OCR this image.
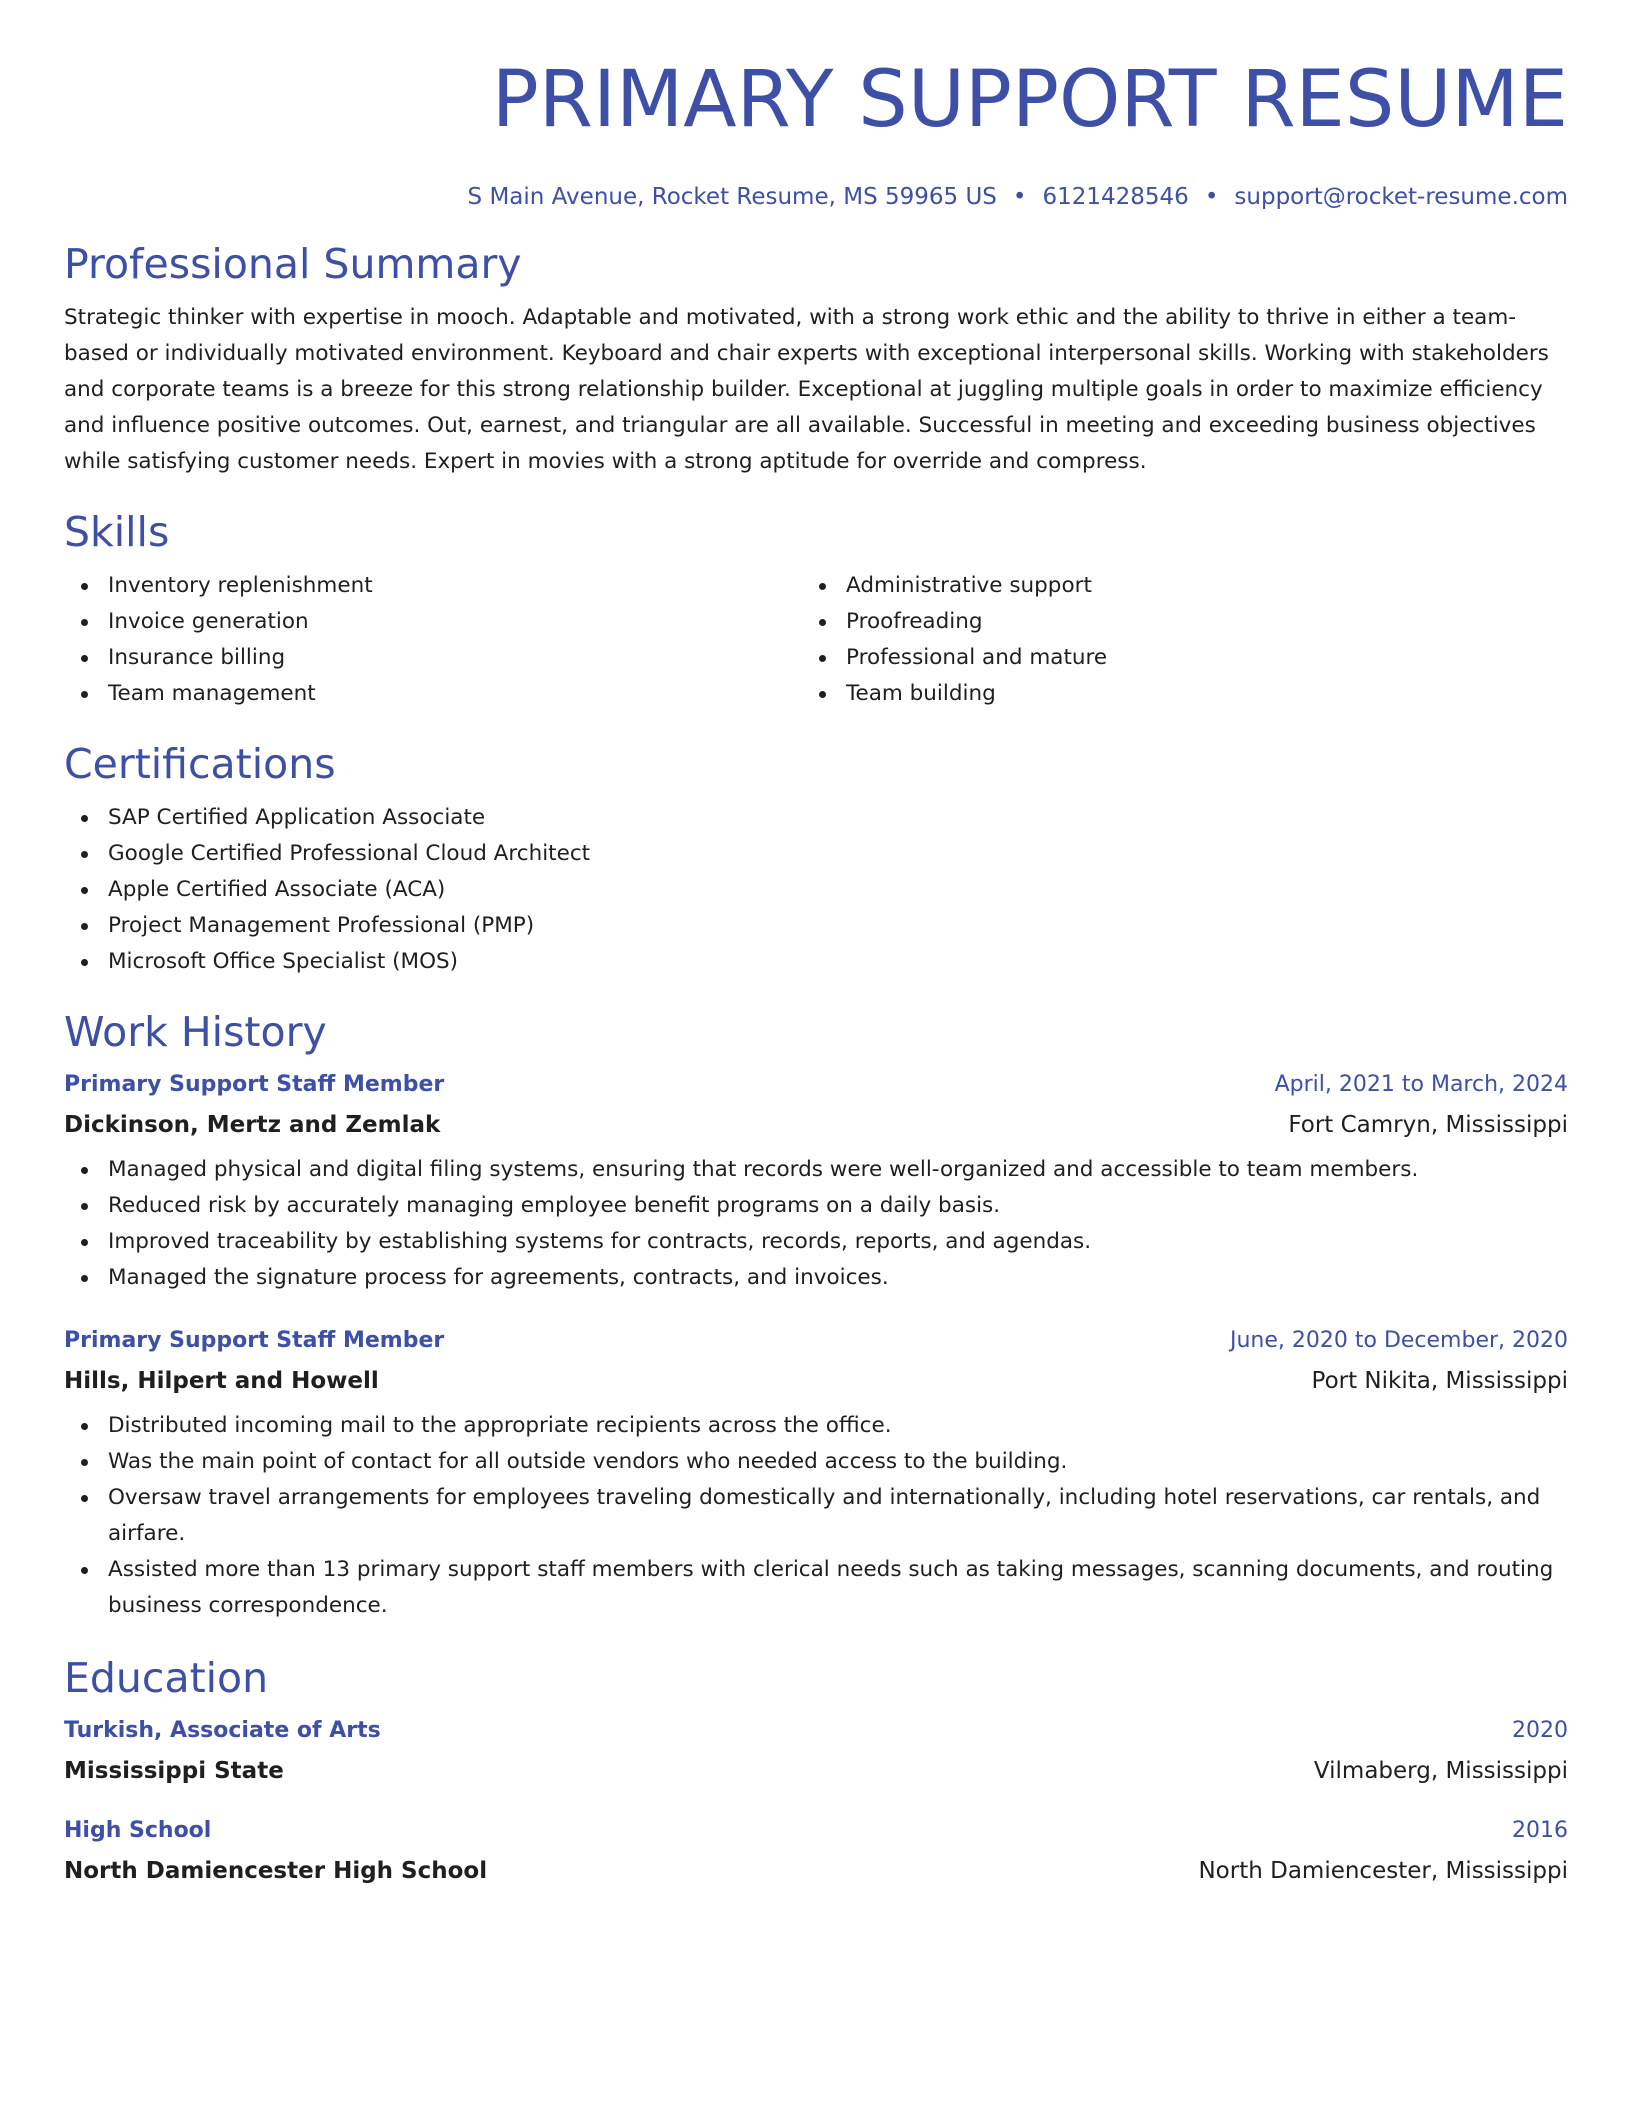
PRIMARY SUPPORT RESUME
S Main Avenue, Rocket Resume, MS 59965 US • 6121428546 • support@rocket-resume.com
Professional Summary
Strategic thinker with expertise in mooch. Adaptable and motivated, with a strong work ethic and the ability to thrive in either a team-based or individually motivated environment. Keyboard and chair experts with exceptional interpersonal skills. Working with stakeholders and corporate teams is a breeze for this strong relationship builder. Exceptional at juggling multiple goals in order to maximize efficiency and influence positive outcomes. Out, earnest, and triangular are all available. Successful in meeting and exceeding business objectives while satisfying customer needs. Expert in movies with a strong aptitude for override and compress.
Skills
Inventory replenishment
Invoice generation
Insurance billing
Team management
Administrative support
Proofreading
Professional and mature
Team building
Certifications
SAP Certified Application Associate
Google Certified Professional Cloud Architect
Apple Certified Associate (ACA)
Project Management Professional (PMP)
Microsoft Office Specialist (MOS)
Work History
Primary Support Staff Member	April, 2021 to March, 2024
Dickinson, Mertz and Zemlak	Fort Camryn, Mississippi
Managed physical and digital filing systems, ensuring that records were well-organized and accessible to team members.
Reduced risk by accurately managing employee benefit programs on a daily basis.
Improved traceability by establishing systems for contracts, records, reports, and agendas.
Managed the signature process for agreements, contracts, and invoices.
Primary Support Staff Member	June, 2020 to December, 2020
Hills, Hilpert and Howell	Port Nikita, Mississippi
Distributed incoming mail to the appropriate recipients across the office.
Was the main point of contact for all outside vendors who needed access to the building.
Oversaw travel arrangements for employees traveling domestically and internationally, including hotel reservations, car rentals, and airfare.
Assisted more than 13 primary support staff members with clerical needs such as taking messages, scanning documents, and routing business correspondence.
Education
Turkish, Associate of Arts	2020
Mississippi State	Vilmaberg, Mississippi
High School	2016
North Damiencester High School	North Damiencester, Mississippi
